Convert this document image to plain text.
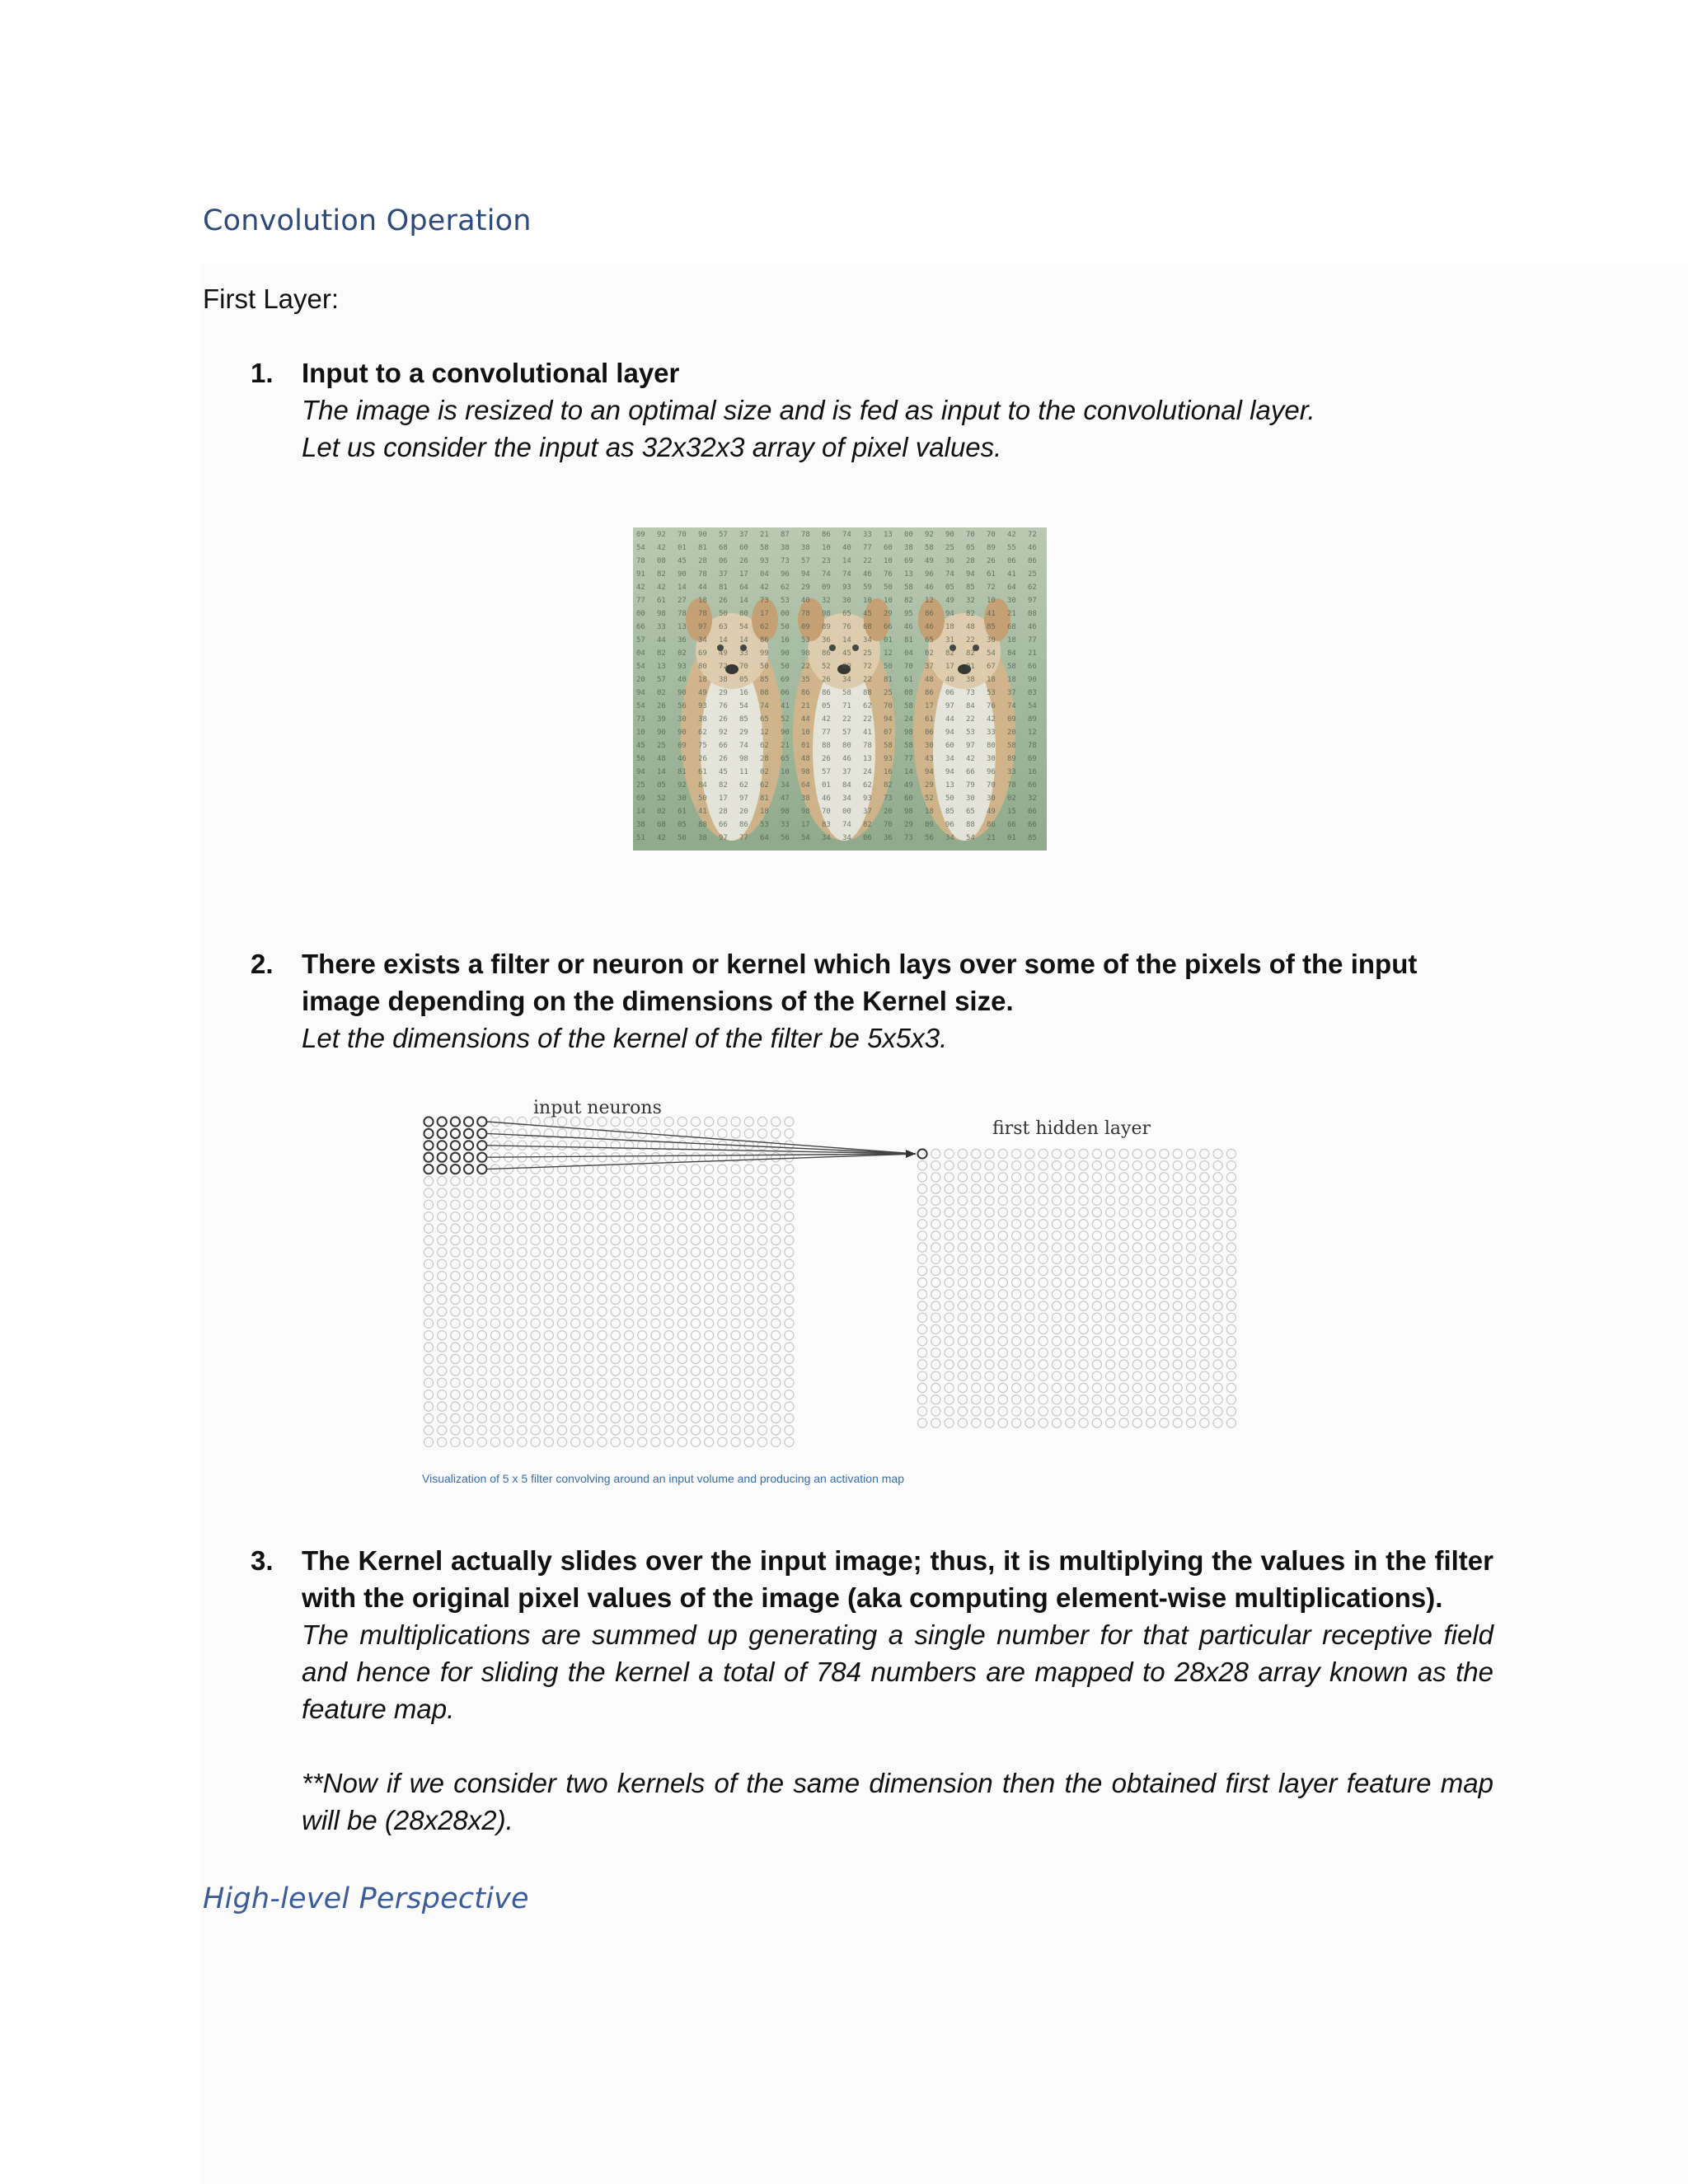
Convolution Operation

First Layer:

1. Input to a convolutional layer
The image is resized to an optimal size and is fed as input to the convolutional layer.
Let us consider the input as 32x32x3 array of pixel values.
09 92 70 90 57 37 21 87 78 86 74 33 13 00 92 90 70 70 42 72
54 42 01 81 68 60 58 38 38 10 40 77 60 38 58 25 05 89 55 46
78 08 45 28 06 26 93 73 57 23 14 22 10 69 49 36 28 26 06 06
91 82 90 78 37 17 04 96 94 74 74 46 76 13 96 74 94 61 41 25
42 42 14 44 81 64 42 62 29 09 93 59 50 58 46 05 85 72 64 62
77 61 27 18 26 14 73 53 40 32 30 10 10 82 12 49 32 10 30 97
00 98 78 78 50 80 17 00 78 98 65 45 29 95 86 94 82 41 21 08
66 33 13 97 63 54 62 50 09 89 76 68 66 46 46 18 48 85 68 46
57 44 36 34 14 14 86 16 53 36 14 34 01 81 65 31 22 30 18 77
04 82 02 69 49 33 99 90 98 86 45 25 12 04 02 82 82 54 84 21
54 13 93 80 72 70 50 50 22 52 89 72 50 70 37 17 01 67 58 66
20 57 40 18 38 05 85 69 35 26 34 22 81 61 48 40 38 18 18 90
94 02 90 49 29 16 08 06 86 86 58 88 25 08 86 06 73 53 37 03
54 26 56 93 76 54 74 41 21 05 71 62 70 58 17 97 84 76 74 54
73 39 30 38 26 85 65 52 44 42 22 22 94 24 61 44 22 42 09 89
10 90 90 62 92 29 12 90 10 77 57 41 07 98 06 94 53 33 20 12
45 25 09 75 66 74 62 21 01 88 80 78 58 58 30 60 97 80 58 78
56 48 46 26 26 98 28 65 48 26 46 13 93 77 43 34 42 30 89 69
94 14 81 61 45 11 02 10 98 57 37 24 16 14 94 94 66 96 33 16
25 05 92 84 82 62 62 34 64 01 84 62 82 49 29 13 79 70 78 66
69 52 30 50 17 97 81 47 38 46 34 93 73 60 52 50 30 30 02 32
14 02 61 41 28 20 18 98 98 70 00 37 20 98 18 85 65 49 15 06
38 68 05 88 66 86 53 33 17 83 74 82 70 29 09 96 88 86 66 66
51 42 50 38 97 77 64 56 54 34 34 06 36 73 56 34 54 21 01 85
2. There exists a filter or neuron or kernel which lays over some of the pixels of the input image depending on the dimensions of the Kernel size.
Let the dimensions of the kernel of the filter be 5x5x3.
input neurons
first hidden layer
Visualization of 5 x 5 filter convolving around an input volume and producing an activation map
3. The Kernel actually slides over the input image; thus, it is multiplying the values in the filter with the original pixel values of the image (aka computing element-wise multiplications).
The multiplications are summed up generating a single number for that particular receptive field and hence for sliding the kernel a total of 784 numbers are mapped to 28x28 array known as the feature map.
**Now if we consider two kernels of the same dimension then the obtained first layer feature map will be (28x28x2).
High-level Perspective
